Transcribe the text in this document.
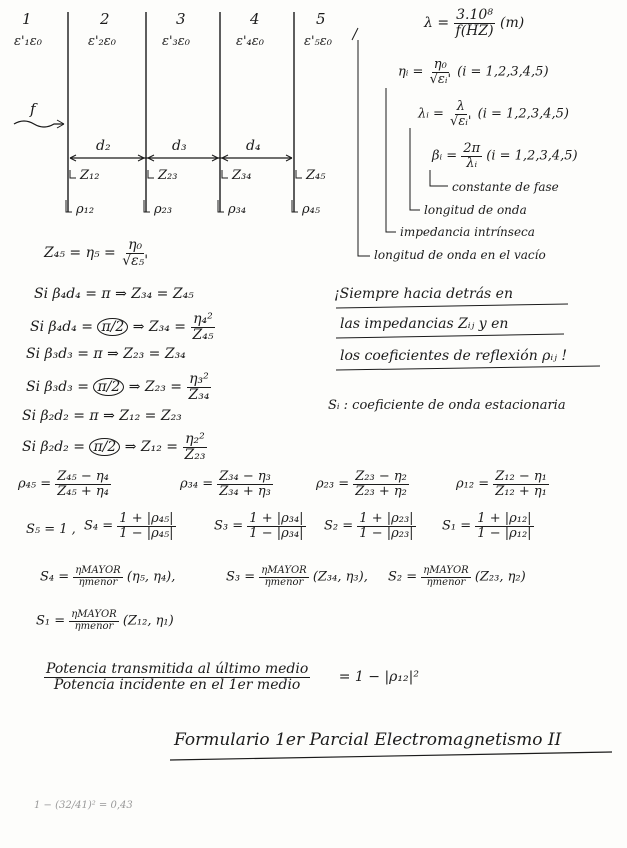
1
ε'₁ε₀
2
ε'₂ε₀
3
ε'₃ε₀
4
ε'₄ε₀
5
ε'₅ε₀
f
d₂	d₃	d₄
Z₁₂	Z₂₃	Z₃₄	Z₄₅
ρ₁₂	ρ₂₃	ρ₃₄	ρ₄₅
$\lambda = \frac{\text{3.10⁸}}{f(HZ)} (m)$
ηᵢ = $\frac{\text{η₀}}{\text{√εᵢ'}} (i = 1,2,3,4,5)$
λᵢ = $\frac{\lambda}{\text{√εᵢ'}} (i = 1,2,3,4,5)$
βᵢ = $\frac{2\pi}{\text{λᵢ}} (i = 1,2,3,4,5)$
constante de fase
longitud de onda
impedancia intrínseca
longitud de onda en el vacío
$Z_{45} = \eta_5 = \frac{\text{η₀}}{\text{√ε₅'}}$
Si β₄d₄ = π ⇒ Z₃₄ = Z₄₅
Si β₄d₄ = π/2 ⇒ $Z_{34} = \frac{\text{η₄²}}{\text{Z₄₅}}$
Si β₃d₃ = π ⇒ Z₂₃ = Z₃₄
Si β₃d₃ = π/2 ⇒ $Z_{23} = \frac{\text{η₃²}}{\text{Z₃₄}}$
Si β₂d₂ = π ⇒ Z₁₂ = Z₂₃
Si β₂d₂ = π/2 ⇒ $Z_{12} = \frac{\text{η₂²}}{\text{Z₂₃}}$
¡Siempre hacia detrás en
las impedancias Zᵢⱼ y en
los coeficientes de reflexión ρᵢⱼ !
Sᵢ : coeficiente de onda estacionaria
$\rho_{45} = \frac{\text{Z₄₅ − η₄}}{\text{Z₄₅ + η₄}}$	$\rho_{34} = \frac{\text{Z₃₄ − η₃}}{\text{Z₃₄ + η₃}}$	$\rho_{23} = \frac{\text{Z₂₃ − η₂}}{\text{Z₂₃ + η₂}}$	$\rho_{12} = \frac{\text{Z₁₂ − η₁}}{\text{Z₁₂ + η₁}}$
S₅ = 1 , $S_4 = \frac{\text{1 + |ρ₄₅|}}{\text{1 − |ρ₄₅|}}$	$S_3 = \frac{\text{1 + |ρ₃₄|}}{\text{1 − |ρ₃₄|}} S_2 = \frac{\text{1 + |ρ₂₃|}}{\text{1 − |ρ₂₃|}} S_1 = \frac{\text{1 + |ρ₁₂|}}{\text{1 − |ρ₁₂|}}$
$S_4 = \frac{\text{ηMAYOR}}{\text{ηmenor}} (\eta_5$, η₄),	$S_3 = \frac{\text{ηMAYOR}}{\text{ηmenor}} (Z_{34}$, η₃), $S_2 = \frac{\text{ηMAYOR}}{\text{ηmenor}} (Z_{23}$, η₂)
$S_1 = \frac{\text{ηMAYOR}}{\text{ηmenor}} (Z_{12}$, η₁)
$\frac{\text{Potencia transmitida al último medio}}{\text{Potencia incidente en el 1er medio}} = 1 - |\rho_{12}|^2$
Formulario 1er Parcial Electromagnetismo II
1 − (32/41)² = 0,43
